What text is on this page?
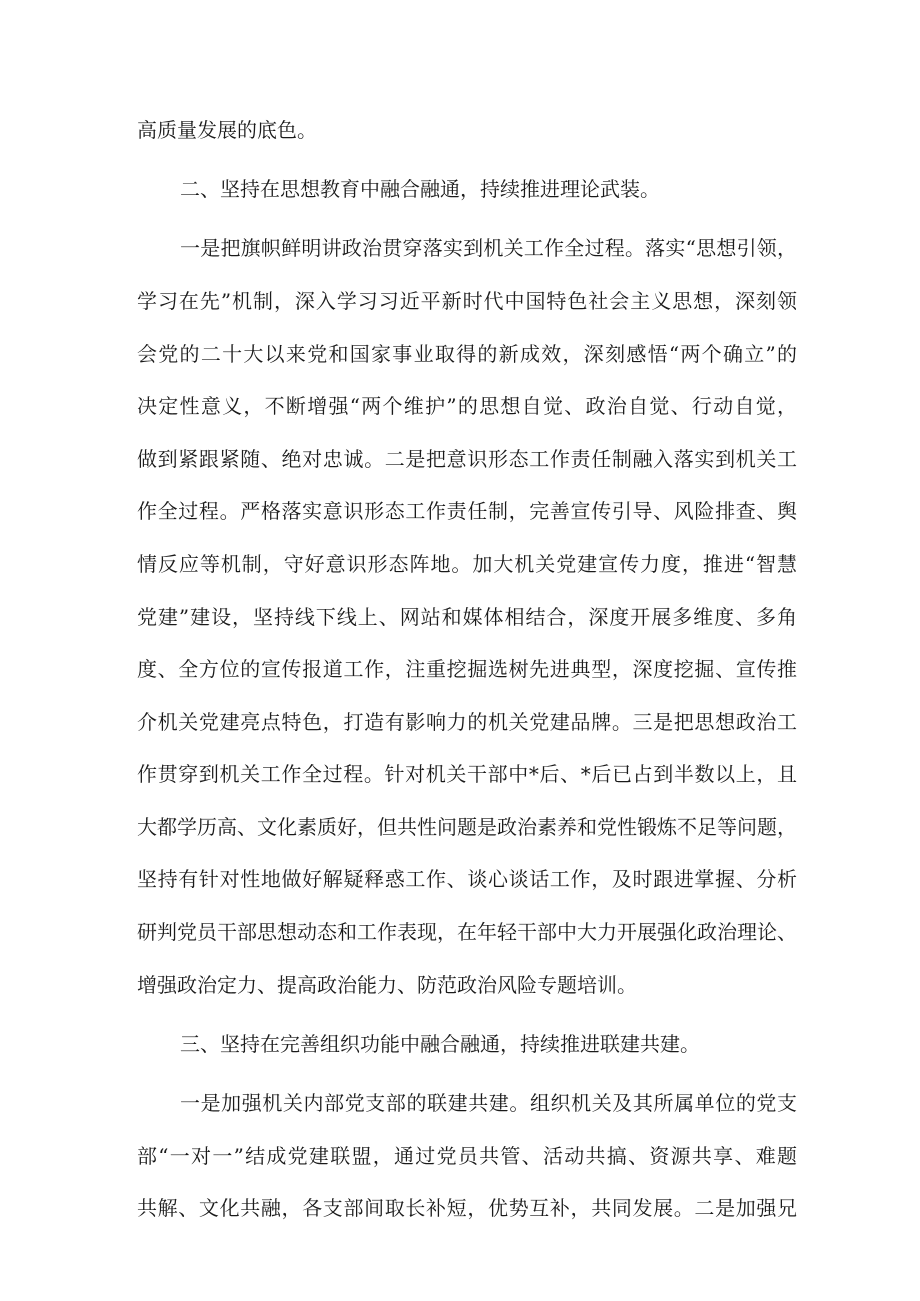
高质量发展的底色。
二、坚持在思想教育中融合融通，持续推进理论武装。
一是把旗帜鲜明讲政治贯穿落实到机关工作全过程。落实“思想引领，
学习在先”机制，深入学习习近平新时代中国特色社会主义思想，深刻领
会党的二十大以来党和国家事业取得的新成效，深刻感悟“两个确立”的
决定性意义，不断增强“两个维护”的思想自觉、政治自觉、行动自觉，
做到紧跟紧随、绝对忠诚。二是把意识形态工作责任制融入落实到机关工
作全过程。严格落实意识形态工作责任制，完善宣传引导、风险排查、舆
情反应等机制，守好意识形态阵地。加大机关党建宣传力度，推进“智慧
党建”建设，坚持线下线上、网站和媒体相结合，深度开展多维度、多角
度、全方位的宣传报道工作，注重挖掘选树先进典型，深度挖掘、宣传推
介机关党建亮点特色，打造有影响力的机关党建品牌。三是把思想政治工
作贯穿到机关工作全过程。针对机关干部中*后、*后已占到半数以上，且
大都学历高、文化素质好，但共性问题是政治素养和党性锻炼不足等问题，
坚持有针对性地做好解疑释惑工作、谈心谈话工作，及时跟进掌握、分析
研判党员干部思想动态和工作表现，在年轻干部中大力开展强化政治理论、
增强政治定力、提高政治能力、防范政治风险专题培训。
三、坚持在完善组织功能中融合融通，持续推进联建共建。
一是加强机关内部党支部的联建共建。组织机关及其所属单位的党支
部“一对一”结成党建联盟，通过党员共管、活动共搞、资源共享、难题
共解、文化共融，各支部间取长补短，优势互补，共同发展。二是加强兄
